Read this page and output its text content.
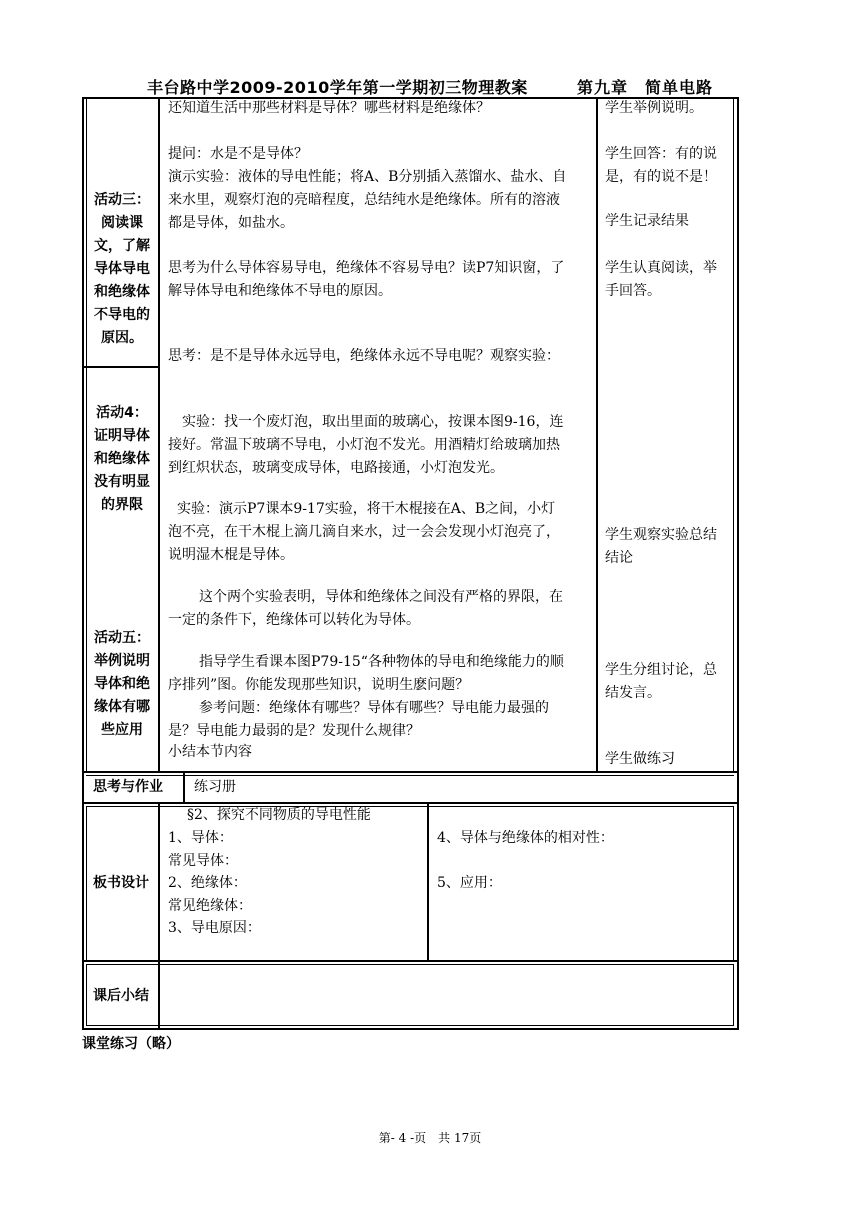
丰台路中学2009-2010学年第一学期初三物理教案	第九章　简单电路
活动三：
阅读课
文，了解
导体导电
和绝缘体
不导电的
原因。
活动4：
证明导体
和绝缘体
没有明显
的界限
活动五：
举例说明
导体和绝
缘体有哪
些应用
还知道生活中那些材料是导体？哪些材料是绝缘体？
提问：水是不是导体？
演示实验：液体的导电性能；将A、B分别插入蒸馏水、盐水、自
来水里，观察灯泡的亮暗程度，总结纯水是绝缘体。所有的溶液
都是导体，如盐水。
思考为什么导体容易导电，绝缘体不容易导电？读P7知识窗，了
解导体导电和绝缘体不导电的原因。
思考：是不是导体永远导电，绝缘体永远不导电呢？观察实验：
实验：找一个废灯泡，取出里面的玻璃心，按课本图9-16，连
接好。常温下玻璃不导电，小灯泡不发光。用酒精灯给玻璃加热
到红炽状态，玻璃变成导体，电路接通，小灯泡发光。
实验：演示P7课本9-17实验，将干木棍接在A、B之间，小灯
泡不亮，在干木棍上滴几滴自来水，过一会会发现小灯泡亮了，
说明湿木棍是导体。
这个两个实验表明，导体和绝缘体之间没有严格的界限，在
一定的条件下，绝缘体可以转化为导体。
指导学生看课本图P79-15“各种物体的导电和绝缘能力的顺
序排列”图。你能发现那些知识，说明生麽问题？
参考问题：绝缘体有哪些？导体有哪些？导电能力最强的
是？导电能力最弱的是？发现什么规律？
小结本节内容
学生举例说明。
学生回答：有的说
是，有的说不是！
学生记录结果
学生认真阅读，举
手回答。
学生观察实验总结
结论
学生分组讨论，总
结发言。
学生做练习
思考与作业 练习册
板书设计
§2、探究不同物质的导电性能
1、导体：
常见导体：
2、绝缘体：
常见绝缘体：
3、导电原因：
4、导体与绝缘体的相对性：
5、应用：
课后小结
课堂练习（略）
第- 4 -页　共 17页
